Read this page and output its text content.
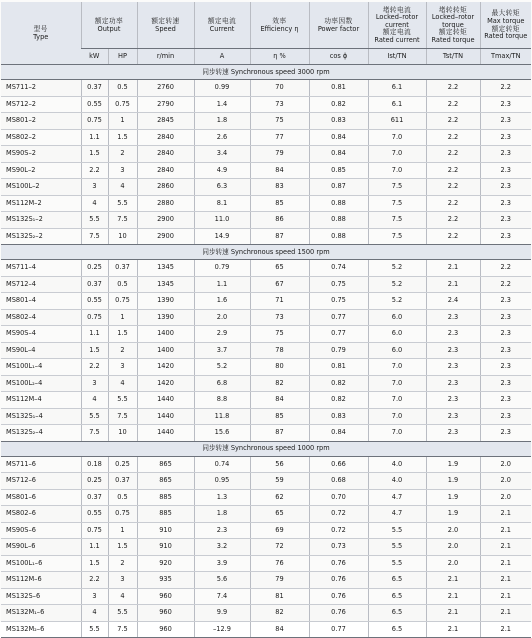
型号
Type	额定功率
Output		额定转速
Speed	额定电流
Current	效率
Efficiency η	功率因数
Power factor	堵转电流
Locked–rotor
current
额定电流
Rated current	堵转转矩
Locked–rotor
torque
额定转矩
Rated torque	最大转矩
Max torque
额定转矩
Rated torque

	kW	HP	r/min	A	η %	cos ϕ	Ist/TN	Tst/TN	Tmax/TN
同步转速 Synchronous speed 3000 rpm									
MS711–2	0.37	0.5	2760	0.99	70	0.81	6.1	2.2	2.2
MS712–2	0.55	0.75	2790	1.4	73	0.82	6.1	2.2	2.3
MS801–2	0.75	1	2845	1.8	75	0.83	611	2.2	2.3
MS802–2	1.1	1.5	2840	2.6	77	0.84	7.0	2.2	2.3
MS90S–2	1.5	2	2840	3.4	79	0.84	7.0	2.2	2.3
MS90L–2	2.2	3	2840	4.9	84	0.85	7.0	2.2	2.3
MS100L–2	3	4	2860	6.3	83	0.87	7.5	2.2	2.3
MS112M–2	4	5.5	2880	8.1	85	0.88	7.5	2.2	2.3
MS132S₁–2	5.5	7.5	2900	11.0	86	0.88	7.5	2.2	2.3
MS132S₂–2	7.5	10	2900	14.9	87	0.88	7.5	2.2	2.3
同步转速 Synchronous speed 1500 rpm									
MS711–4	0.25	0.37	1345	0.79	65	0.74	5.2	2.1	2.2
MS712–4	0.37	0.5	1345	1.1	67	0.75	5.2	2.1	2.2
MS801–4	0.55	0.75	1390	1.6	71	0.75	5.2	2.4	2.3
MS802–4	0.75	1	1390	2.0	73	0.77	6.0	2.3	2.3
MS90S–4	1.1	1.5	1400	2.9	75	0.77	6.0	2.3	2.3
MS90L–4	1.5	2	1400	3.7	78	0.79	6.0	2.3	2.3
MS100L₁–4	2.2	3	1420	5.2	80	0.81	7.0	2.3	2.3
MS100L₂–4	3	4	1420	6.8	82	0.82	7.0	2.3	2.3
MS112M–4	4	5.5	1440	8.8	84	0.82	7.0	2.3	2.3
MS132S₁–4	5.5	7.5	1440	11.8	85	0.83	7.0	2.3	2.3
MS132S₂–4	7.5	10	1440	15.6	87	0.84	7.0	2.3	2.3
同步转速 Synchronous speed 1000 rpm									
MS711–6	0.18	0.25	865	0.74	56	0.66	4.0	1.9	2.0
MS712–6	0.25	0.37	865	0.95	59	0.68	4.0	1.9	2.0
MS801–6	0.37	0.5	885	1.3	62	0.70	4.7	1.9	2.0
MS802–6	0.55	0.75	885	1.8	65	0.72	4.7	1.9	2.1
MS90S–6	0.75	1	910	2.3	69	0.72	5.5	2.0	2.1
MS90L–6	1.1	1.5	910	3.2	72	0.73	5.5	2.0	2.1
MS100L₁–6	1.5	2	920	3.9	76	0.76	5.5	2.0	2.1
MS112M–6	2.2	3	935	5.6	79	0.76	6.5	2.1	2.1
MS132S–6	3	4	960	7.4	81	0.76	6.5	2.1	2.1
MS132M₁–6	4	5.5	960	9.9	82	0.76	6.5	2.1	2.1
MS132M₂–6	5.5	7.5	960	–12.9	84	0.77	6.5	2.1	2.1
